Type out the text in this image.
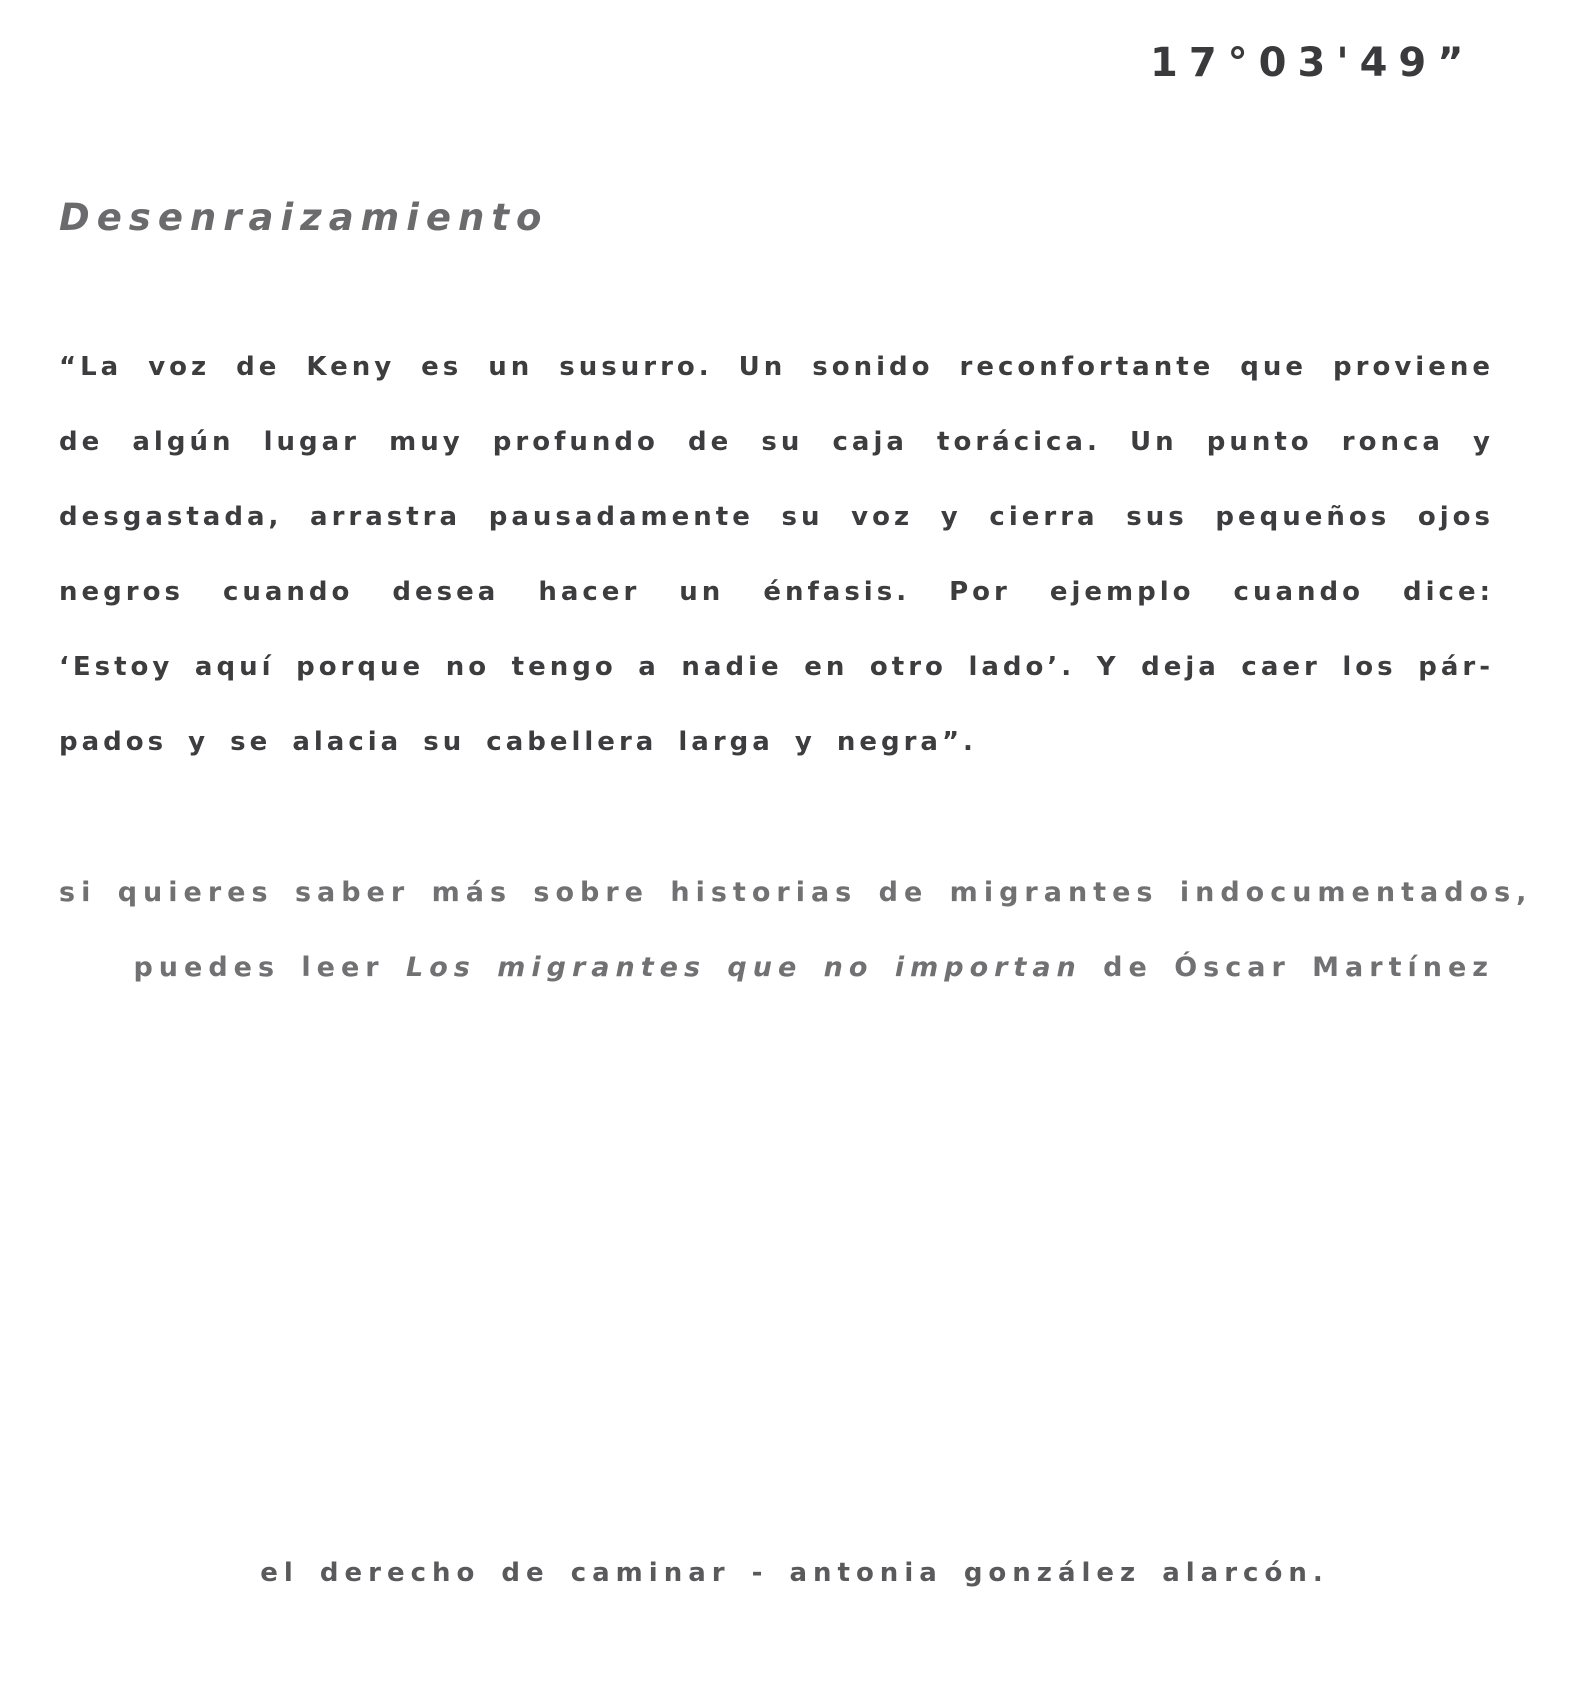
17°03'49”
Desenraizamiento
“La voz de Keny es un susurro. Un sonido reconfortante que proviene
de algún lugar muy profundo de su caja torácica. Un punto ronca y
desgastada, arrastra pausadamente su voz y cierra sus pequeños ojos
negros cuando desea hacer un énfasis. Por ejemplo cuando dice:
‘Estoy aquí porque no tengo a nadie en otro lado’. Y deja caer los pár-
pados y se alacia su cabellera larga y negra”.
si quieres saber más sobre historias de migrantes indocumentados,
puedes leer Los migrantes que no importan de Óscar Martínez
el derecho de caminar - antonia gonzález alarcón.
